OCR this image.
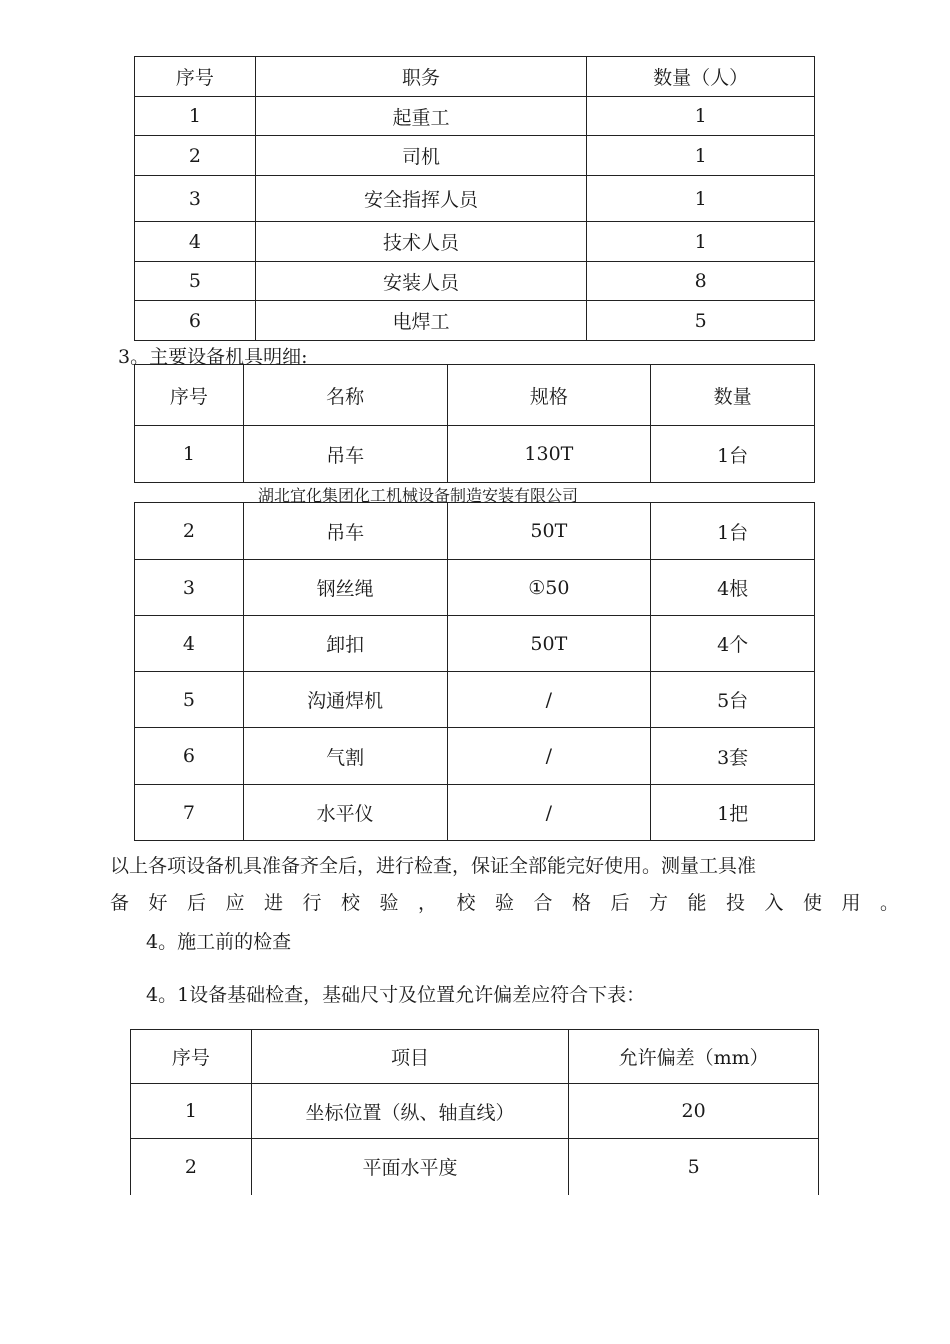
序号	职务	数量（人）
1	起重工	1
2	司机	1
3	安全指挥人员	1
4	技术人员	1
5	安装人员	8
6	电焊工	5
3。主要设备机具明细:
序号	名称	规格	数量
1	吊车	130T	1台
湖北宜化集团化工机械设备制造安装有限公司
2	吊车	50T	1台
3	钢丝绳	①50	4根
4	卸扣	50T	4个
5	沟通焊机	/	5台
6	气割	/	3套
7	水平仪	/	1把
以上各项设备机具准备齐全后，进行检查，保证全部能完好使用。测量工具准
备好后应进行校验，校验合格后方能投入使用。
4。施工前的检查
4。1设备基础检查，基础尺寸及位置允许偏差应符合下表：
序号	项目	允许偏差（mm）
1	坐标位置（纵、轴直线）	20
2	平面水平度	5
